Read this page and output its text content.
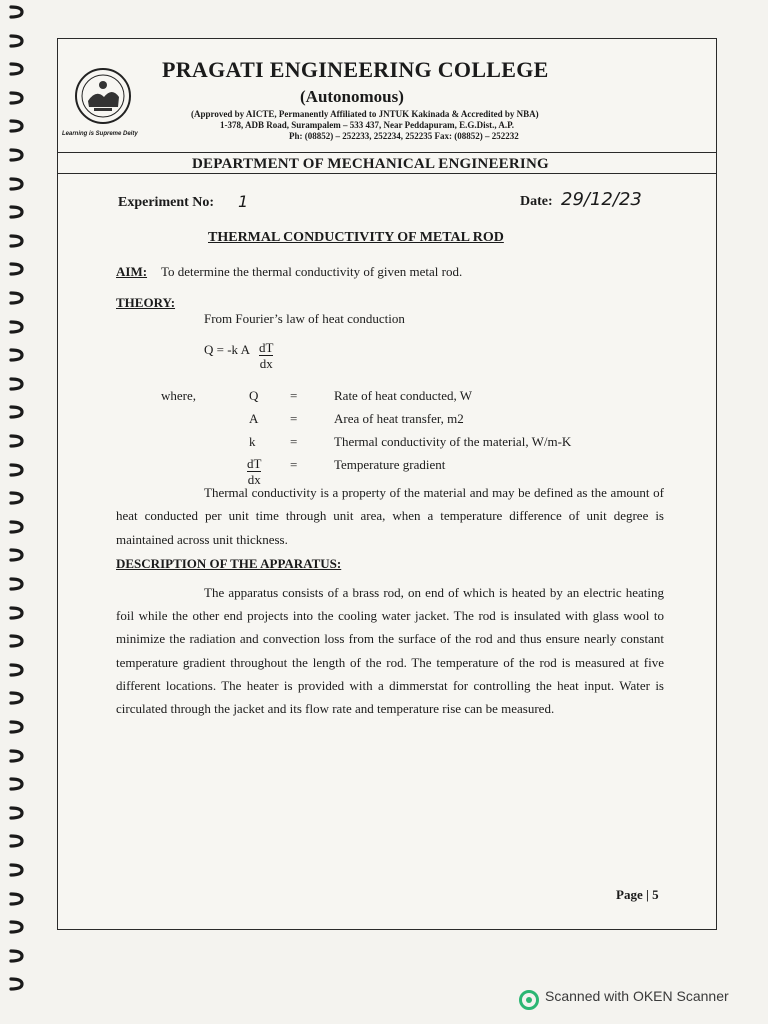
Learning is Supreme Deity
PRAGATI ENGINEERING COLLEGE
(Autonomous)
(Approved by AICTE, Permanently Affiliated to JNTUK Kakinada & Accredited by NBA)
1-378, ADB Road, Surampalem – 533 437, Near Peddapuram, E.G.Dist., A.P.
Ph: (08852) – 252233, 252234, 252235 Fax: (08852) – 252232
DEPARTMENT OF MECHANICAL ENGINEERING
Experiment No: 1	Date: 29/12/23
THERMAL CONDUCTIVITY OF METAL ROD
AIM: To determine the thermal conductivity of given metal rod.
THEORY:
From Fourier’s law of heat conduction
Q = -k A $\frac{dT}{dx}$
where,	Q =	Rate of heat conducted, W
A =	Area of heat transfer, m2
k	=	Thermal conductivity of the material, W/m-K
$\frac{dT}{dx}$ =	Temperature gradient
Thermal conductivity is a property of the material and may be defined as the amount of heat conducted per unit time through unit area, when a temperature difference of unit degree is maintained across unit thickness.
DESCRIPTION OF THE APPARATUS:
The apparatus consists of a brass rod, on end of which is heated by an electric heating foil while the other end projects into the cooling water jacket. The rod is insulated with glass wool to minimize the radiation and convection loss from the surface of the rod and thus ensure nearly constant temperature gradient throughout the length of the rod. The temperature of the rod is measured at five different locations. The heater is provided with a dimmerstat for controlling the heat input. Water is circulated through the jacket and its flow rate and temperature rise can be measured.
Page | 5
Scanned with OKEN Scanner
